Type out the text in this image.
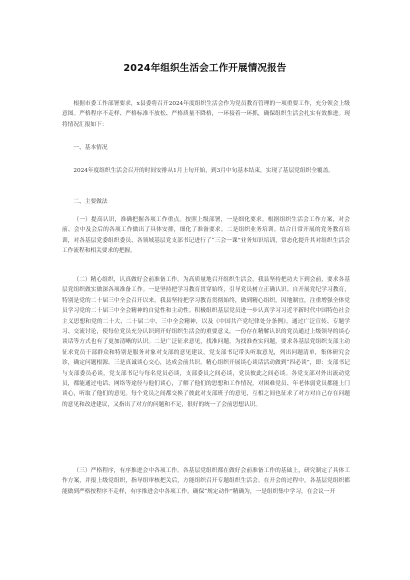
2024年组织生活会工作开展情况报告

根据市委工作部署要求，x县委将召开2024年度组织生活会作为党员教育管理的一项重要工作，充分领会上级意图。严格程序不走样、严格标准不放松、严格质量不降格，一环接着一环抓，确保组织生活会扎实有效推进。现将情况汇报如下：

一、基本情况

2024年度组织生活会召开的时间安排从1月上旬开始，到3月中旬基本结束，实现了基层党组织全覆盖。

二、主要做法

（一）提高认识，准确把握各项工作重点。按照上级部署，一是细化要求。根据组织生活会工作方案，对会前、会中及会后的各项工作做出了具体安排，细化了准备要求。二是组织业务培训。结合日常开展的党务教育培训，对各基层党委组织委员、各领域基层党支部书记进行了“三会一课”业务知识培训，常态化提升其对组织生活会工作流程和相关要求的把握。

（二）精心组织，认真做好会前准备工作。为高质量地召开组织生活会，我县坚持把功夫下到会前，要求各基层党组织做实做深各项准备工作。一是坚持把学习教育贯穿始终，引导党员树立正确认识。自开展党纪学习教育，特别是党的二十届三中全会召开以来，我县坚持把学习教育贯彻始终，做到精心组织，因地制宜，注重增强全体党员学习党的二十届三中全会精神的自觉性和主动性。积极组织基层党员进一步认真学习习近平新时代中国特色社会主义思想和党的二十大、二十届二中、三中全会精神，以及《中国共产党纪律处分条例》。通过广泛宣传、专题学习、交流讨论，使每位党员充分认识到开好组织生活会的重要意义。一份存在精解认识的党员通过上级领导的谈心谈话等方式也有了更加清晰的认识。二是广泛征求意见，找准问题。为找准查实问题，要求各基层党组织支部主动征求党员干部群众和特别是服务对象对支部的意见建议，党支部书记带头听取意见，列出问题清单，集体研究会诊，确定问题根源。三是真诚谈心交心，达成会前共识。精心组织开展谈心谈话活动做到“四必谈”，即：支部书记与支部委员必谈，党支部书记与每名党员必谈，支部委员之间必谈，党员彼此之间必谈。各党支部对外出流动党员，都能通过电话、网络等途径与他们谈心，了解了他们的思想和工作情况，对困难党员、年老体弱党员都能上门谈心，听取了他们的意见。每个党员之间都交换了彼此对支部班子的意见，互相之间也征求了对方对自己存在问题的意见和改进建议，又指出了对方的问题和不足，很好的统一了会前思想认识。

（三）严格程序，有序推进会中各项工作。各基层党组织都在做好会前准备工作的基础上，研究制定了具体工作方案，并报上级党组织，指导组审核把关后，方能组织召开专题组织生活会。在开会的过程中，各基层党组织都能做到严格按程序不走样，有序推进会中各项工作，确保“规定动作”精确为，一是组织集中学习，在会议一开
